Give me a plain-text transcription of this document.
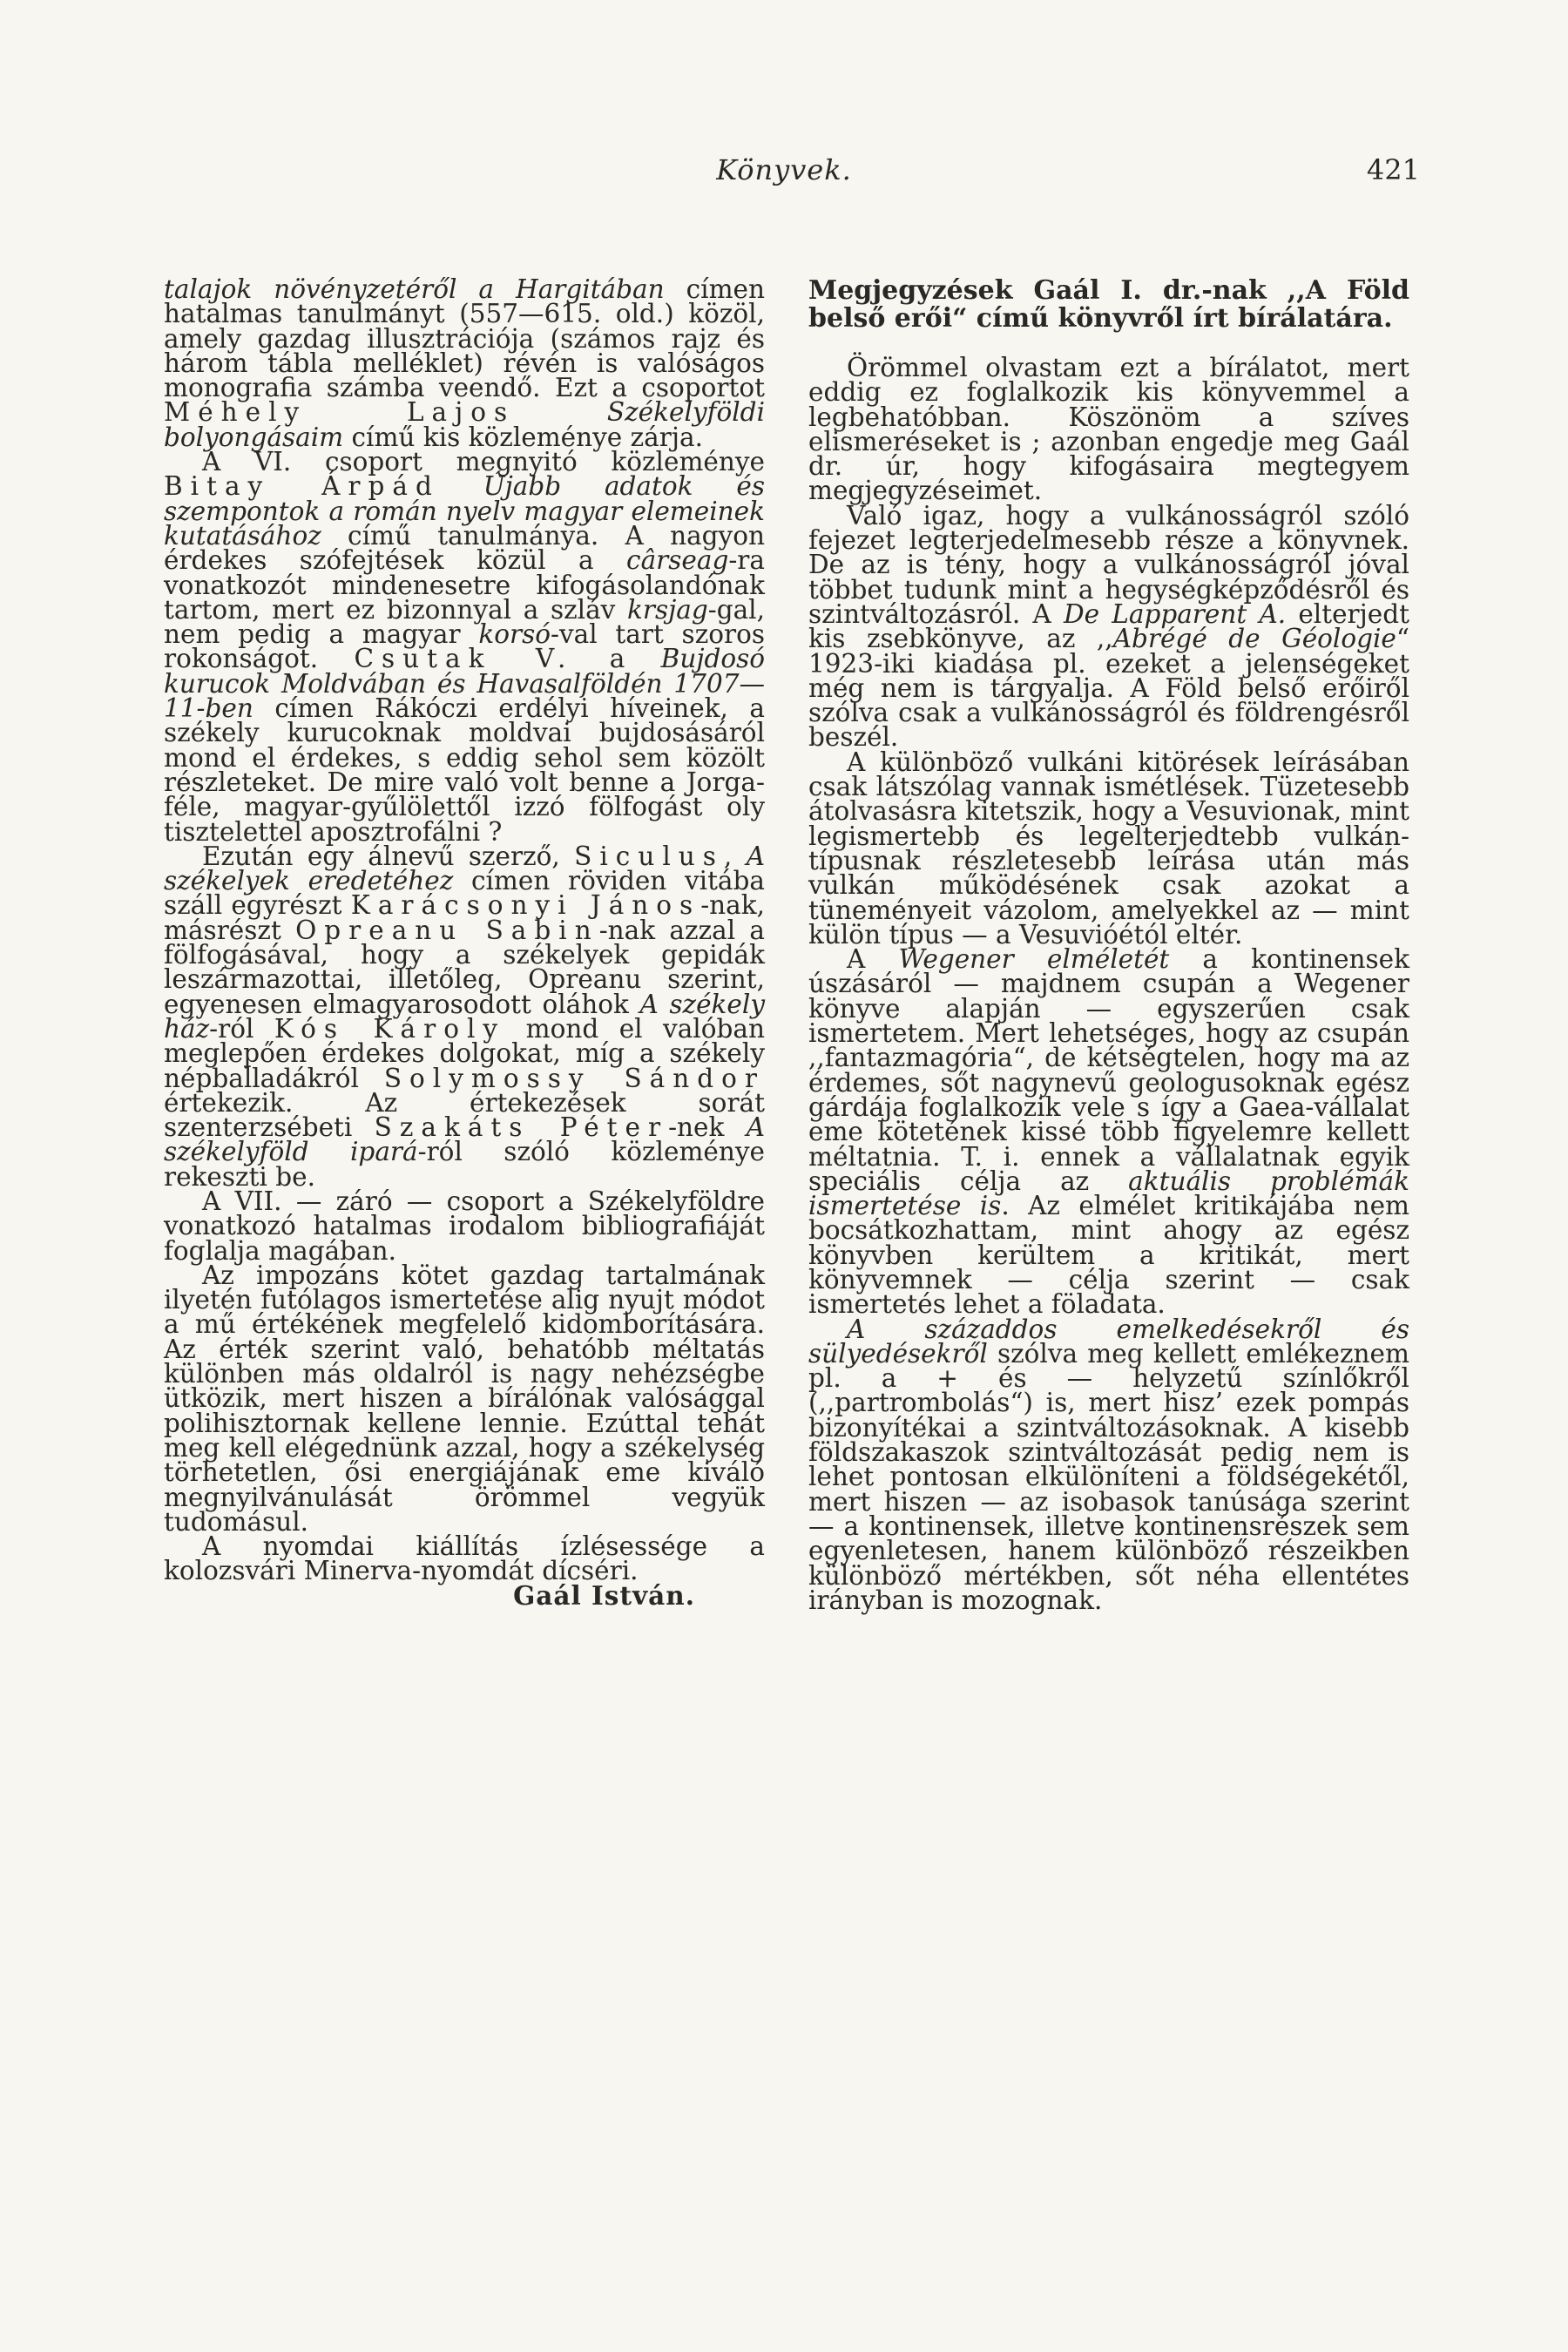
Könyvek.	421

talajok növényzetéről a Hargitában címen hatalmas tanulmányt (557—615. old.) közöl, amely gazdag illusztrációja (számos rajz és három tábla melléklet) révén is valóságos monografia számba veendő. Ezt a csoportot Méhely Lajos	Székelyföldi bolyongásaim című kis közleménye zárja.

A VI. csoport megnyitó közleménye Bitay Árpád Újabb adatok és szempontok a román nyelv magyar elemeinek kutatásához című tanulmánya. A nagyon érdekes szófejtések közül a cârseag-ra vonatkozót mindenesetre kifogásolandónak tartom, mert ez bizonnyal a szláv krsjag-gal, nem pedig a magyar korsó-val tart szoros rokonságot. Csutak V. a Bujdosó kurucok Moldvában és Havasalföldén 1707—11-ben címen Rákóczi erdélyi híveinek, a székely kurucoknak moldvai bujdosásáról mond el érdekes, s eddig sehol sem közölt részleteket. De mire való volt benne a Jorga-féle, magyar-gyűlölettől izzó fölfogást oly tisztelettel aposztrofálni ?

Ezután egy álnevű szerző, Siculus, A székelyek eredetéhez címen röviden vitába száll egyrészt Karácsonyi János-nak, másrészt Opreanu Sabin-nak azzal a fölfogásával, hogy a székelyek gepidák leszármazottai, illetőleg, Opreanu szerint, egyenesen elmagyarosodott oláhok A székely ház-ról Kós Károly mond el valóban meglepően érdekes dolgokat, míg a székely népballadákról Solymossy Sándor értekezik. Az értekezések sorát szenterzsébeti Szakáts Péter-nek A székelyföld ipará-ról szóló közleménye rekeszti be.

A VII. — záró — csoport a Székelyföldre vonatkozó hatalmas irodalom bibliografiáját foglalja magában.

Az impozáns kötet gazdag tartalmának ilyetén futólagos ismertetése alig nyujt módot a mű értékének megfelelő kidomborítására. Az érték szerint való, behatóbb méltatás különben más oldalról is nagy nehézségbe ütközik, mert hiszen a bírálónak valósággal polihisztornak kellene lennie. Ezúttal tehát meg kell elégednünk azzal, hogy a székelység törhetetlen, ősi energiájának eme kiváló megnyilvánulását örömmel vegyük tudomásul.

A nyomdai kiállítás ízlésessége a kolozsvári Minerva-nyomdát dícséri.

Gaál István.

Megjegyzések Gaál I. dr.-nak ,,A Föld belső erői“ című könyvről írt bírálatára.

Örömmel olvastam ezt a bírálatot, mert eddig ez foglalkozik kis könyvemmel a legbehatóbban. Köszönöm a szíves elismeréseket is ; azonban engedje meg Gaál dr. úr, hogy kifogásaira megtegyem megjegyzéseimet.

Való igaz, hogy a vulkánosságról szóló fejezet legterjedelmesebb része a könyvnek. De az is tény, hogy a vulkánosságról jóval többet tudunk mint a hegységképződésről és szintváltozásról. A De Lapparent A. elterjedt kis zsebkönyve, az ,,Abrégé de Géologie“ 1923-iki kiadása pl. ezeket a jelenségeket még nem is tárgyalja. A Föld belső erőiről szólva csak a vulkánosságról és földrengésről beszél.

A különböző vulkáni kitörések leírásában csak látszólag vannak ismétlések. Tüzetesebb átolvasásra kitetszik, hogy a Vesuvionak, mint legismertebb és legelterjedtebb vulkán-típusnak részletesebb leírása után más vulkán működésének csak azokat a tüneményeit vázolom, amelyekkel az — mint külön típus — a Vesuvióétól eltér.

A Wegener elméletét a kontinensek úszásáról — majdnem csupán a Wegener könyve alapján — egyszerűen csak ismertetem. Mert lehetséges, hogy az csupán ,,fantazmagória“, de kétségtelen, hogy ma az érdemes, sőt nagynevű geologusoknak egész gárdája foglalkozik vele s így a Gaea-vállalat eme kötetének kissé több figyelemre kellett méltatnia. T. i. ennek a vállalatnak egyik speciális célja az aktuális problémák ismertetése is. Az elmélet kritikájába nem bocsátkozhattam, mint ahogy az egész könyvben kerültem a kritikát, mert könyvemnek — célja szerint — csak ismertetés lehet a föladata.

A századdos emelkedésekről és sülyedésekről szólva meg kellett emlékeznem pl. a + és — helyzetű színlőkről (,,partrombolás“) is, mert hisz’ ezek pompás bizonyítékai a szintváltozásoknak. A kisebb földszakaszok szintváltozását pedig nem is lehet pontosan elkülöníteni a földségekétől, mert hiszen — az isobasok tanúsága szerint — a kontinensek, illetve kontinensrészek sem egyenletesen, hanem különböző részeikben különböző mértékben, sőt néha ellentétes irányban is mozognak.
